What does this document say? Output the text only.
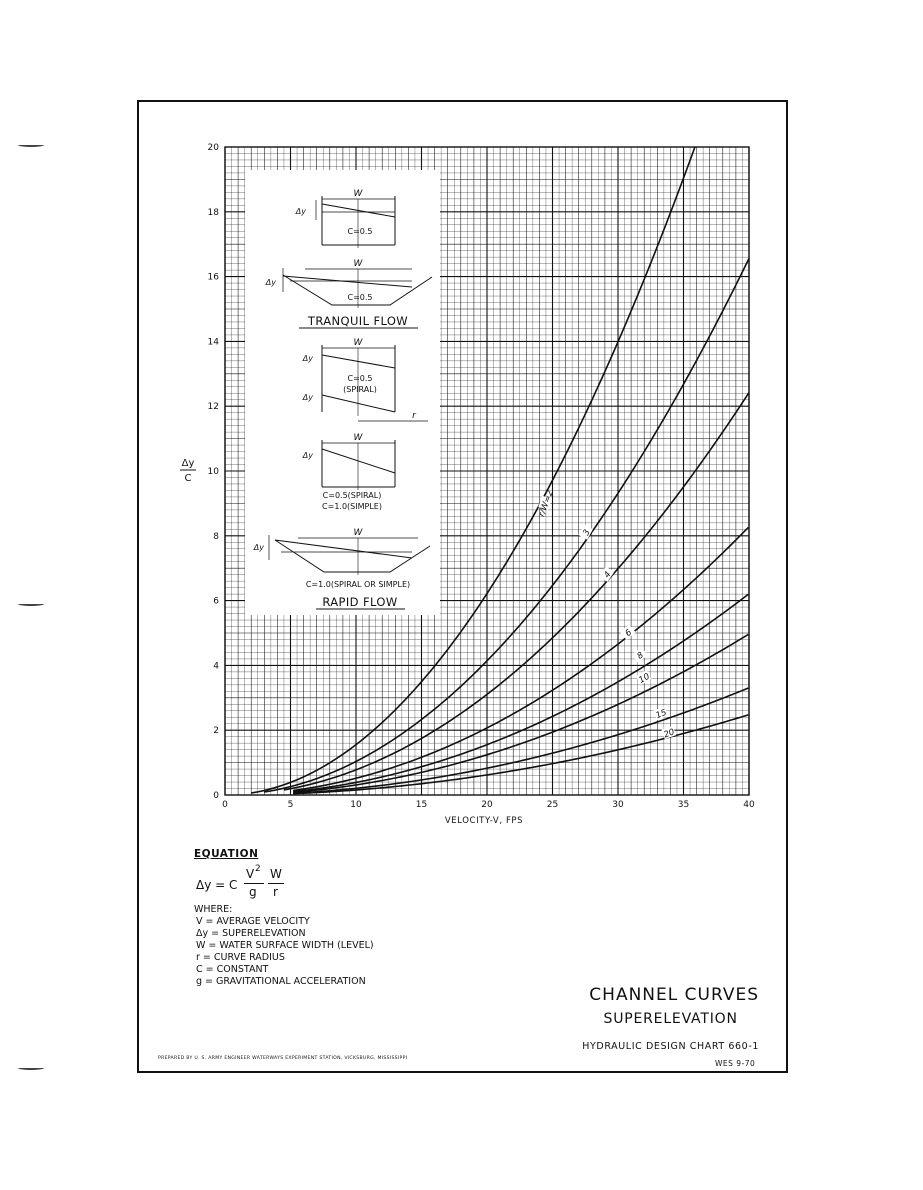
W
Δy
C=0.5
W
Δy
C=0.5
TRANQUIL FLOW
W
Δy
Δy
C=0.5
(SPIRAL)
r
W
Δy
C=0.5(SPIRAL)
C=1.0(SIMPLE)
W
Δy
C=1.0(SPIRAL OR SIMPLE)
RAPID FLOW
r/W=2
3
4
6
8
10
15
20
0	5	10	15	20	25	30	35	40
0
2
4
6
8
10
12
14
16
18
20
VELOCITY-V, FPS
Δy
C
EQUATION
Δy = C
V 2
g
W
r
WHERE:
V = AVERAGE VELOCITY
Δy = SUPERELEVATION
W = WATER SURFACE WIDTH (LEVEL)
r = CURVE RADIUS
C = CONSTANT
g = GRAVITATIONAL ACCELERATION
CHANNEL CURVES
SUPERELEVATION
HYDRAULIC DESIGN CHART 660-1
PREPARED BY U. S. ARMY ENGINEER WATERWAYS EXPERIMENT STATION, VICKSBURG, MISSISSIPPI
WES 9-70
